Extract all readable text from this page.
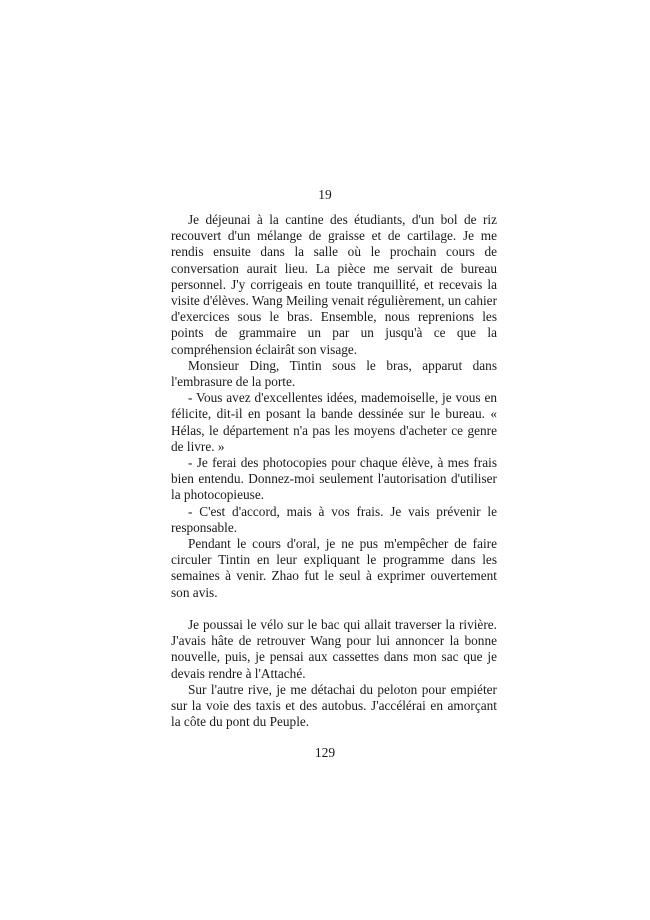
19

Je déjeunai à la cantine des étudiants, d'un bol de riz recouvert d'un mélange de graisse et de cartilage. Je me rendis ensuite dans la salle où le prochain cours de conversation aurait lieu. La pièce me servait de bureau personnel. J'y corrigeais en toute tranquillité, et recevais la visite d'élèves. Wang Meiling venait régulièrement, un cahier d'exercices sous le bras. Ensemble, nous reprenions les points de grammaire un par un jusqu'à ce que la compréhension éclairât son visage.

Monsieur Ding, Tintin sous le bras, apparut dans l'embrasure de la porte.

- Vous avez d'excellentes idées, mademoiselle, je vous en félicite, dit-il en posant la bande dessinée sur le bureau. « Hélas, le département n'a pas les moyens d'acheter ce genre de livre. »

- Je ferai des photocopies pour chaque élève, à mes frais bien entendu. Donnez-moi seulement l'autorisation d'utiliser la photocopieuse.

- C'est d'accord, mais à vos frais. Je vais prévenir le responsable.

Pendant le cours d'oral, je ne pus m'empêcher de faire circuler Tintin en leur expliquant le programme dans les semaines à venir. Zhao fut le seul à exprimer ouvertement son avis.

Je poussai le vélo sur le bac qui allait traverser la rivière. J'avais hâte de retrouver Wang pour lui annoncer la bonne nouvelle, puis, je pensai aux cassettes dans mon sac que je devais rendre à l'Attaché.

Sur l'autre rive, je me détachai du peloton pour empiéter sur la voie des taxis et des autobus. J'accélérai en amorçant la côte du pont du Peuple.

129
